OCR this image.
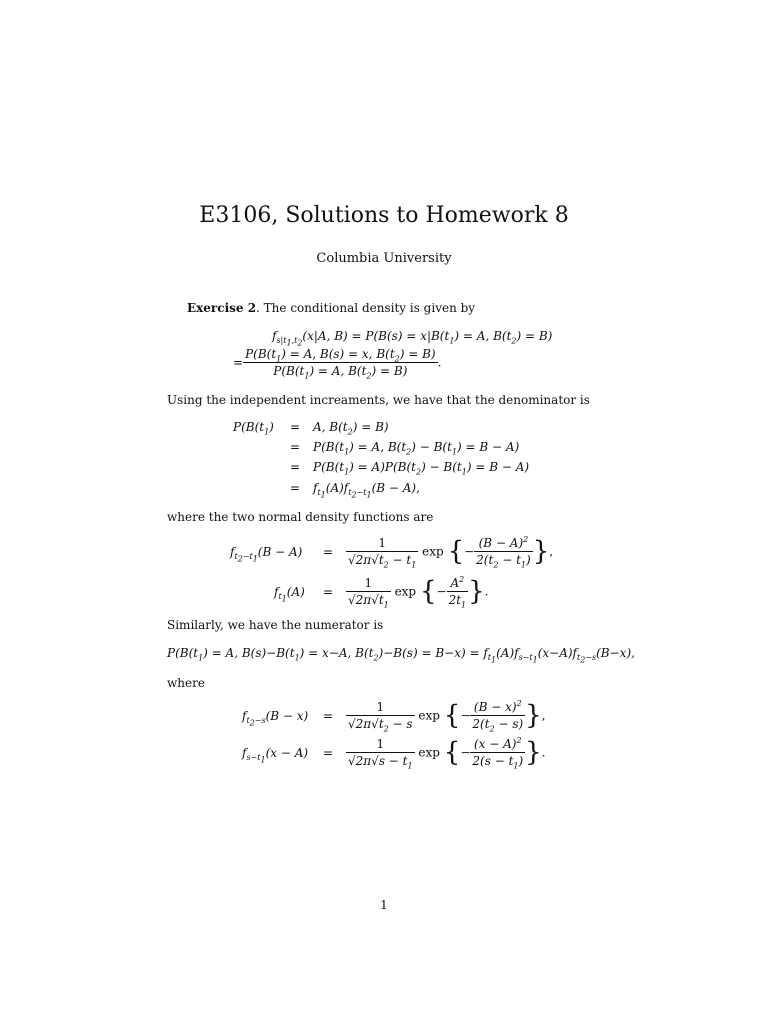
E3106, Solutions to Homework 8
Columbia University
Exercise 2. The conditional density is given by
$f_{s|t_1,t_2}(x|A$, $B) = P(B(s) = x|B(t_1) = A$, $B(t_2) = B$)
= $\frac{P(B(t_1) = A, B(s) = x, B(t_2) = B)}{P(B(t_1) = A, B(t_2) = B)}$ .
Using the independent increaments, we have that the denominator is
$P(B(t_1) = A$, $B(t_2) = B$)
= $P(B(t_1) = A$, $B(t_2) - B(t_1) = B - A$)
= $P(B(t_1) = A)P(B(t_2) - B(t_1) = B - A)$
= $f_{t_1}(A)f_{t_2-t_1}(B - A)$,
where the two normal density functions are
$f_{t_2-t_1}(B - A) = \frac{1}{√2\pi√t_2 - t_1}$ exp {− $\frac{(B - A)^2}{2(t_2 - t_1)}$ },
$f_{t_1}(A) = \frac{1}{√2\pi√t_1}$ exp {− $\frac{A^2}{2t_1}$ }.
Similarly, we have the numerator is
$P(B(t_1) = A$, $B(s)-B(t_1) = x-A$, $B(t_2)-B(s) = B-x) = f_{t_1}(A)f_{s-t_1}(x-A)f_{t_2-s}(B-x)$,
where
$f_{t_2-s}(B - x) = \frac{1}{√2\pi√t_2 - s}$ exp {− $\frac{(B - x)^2}{2(t_2 - s)}$ },
$f_{s-t_1}(x - A) = \frac{1}{√2\pi√s - t_1}$ exp {− $\frac{(x - A)^2}{2(s - t_1)}$ }.
1
